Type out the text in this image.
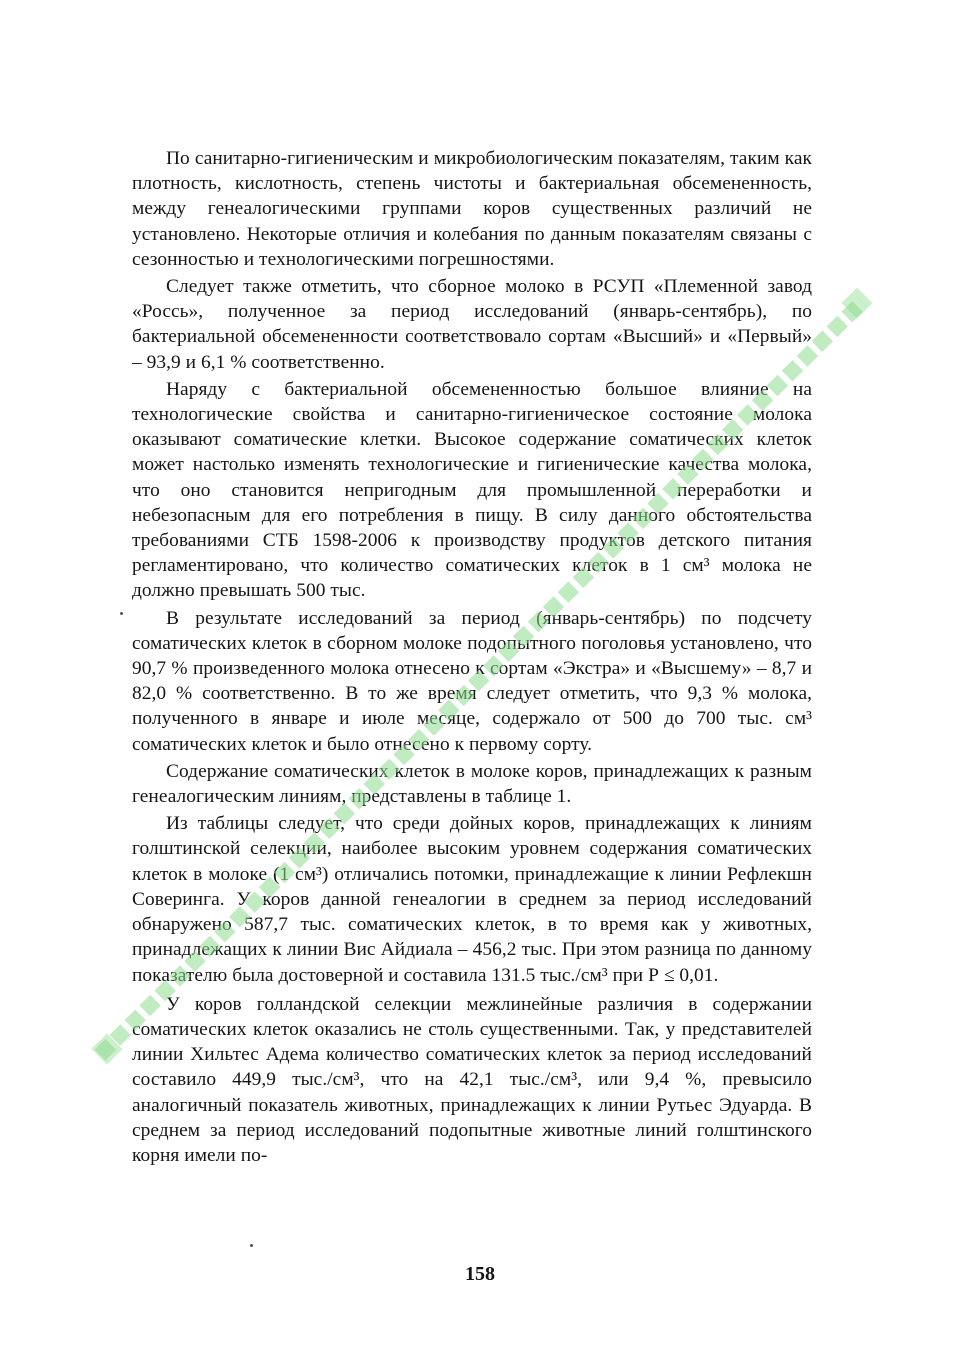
По санитарно-гигиеническим и микробиологическим показателям, таким как плотность, кислотность, степень чистоты и бактериальная обсемененность, между генеалогическими группами коров существенных различий не установлено. Некоторые отличия и колебания по данным показателям связаны с сезонностью и технологическими погрешностями.

Следует также отметить, что сборное молоко в РСУП «Племенной завод «Россь», полученное за период исследований (январь-сентябрь), по бактериальной обсемененности соответствовало сортам «Высший» и «Первый» – 93,9 и 6,1 % соответственно.

Наряду с бактериальной обсемененностью большое влияние на технологические свойства и санитарно-гигиеническое состояние молока оказывают соматические клетки. Высокое содержание соматических клеток может настолько изменять технологические и гигиенические качества молока, что оно становится непригодным для промышленной переработки и небезопасным для его потребления в пищу. В силу данного обстоятельства требованиями СТБ 1598-2006 к производству продуктов детского питания регламентировано, что количество соматических клеток в 1 см³ молока не должно превышать 500 тыс.

В результате исследований за период (январь-сентябрь) по подсчету соматических клеток в сборном молоке подопытного поголовья установлено, что 90,7 % произведенного молока отнесено к сортам «Экстра» и «Высшему» – 8,7 и 82,0 % соответственно. В то же время следует отметить, что 9,3 % молока, полученного в январе и июле месяце, содержало от 500 до 700 тыс. см³ соматических клеток и было отнесено к первому сорту.

Содержание соматических клеток в молоке коров, принадлежащих к разным генеалогическим линиям, представлены в таблице 1.

Из таблицы следует, что среди дойных коров, принадлежащих к линиям голштинской селекции, наиболее высоким уровнем содержания соматических клеток в молоке (1 см³) отличались потомки, принадлежащие к линии Рефлекшн Соверинга. У коров данной генеалогии в среднем за период исследований обнаружено 587,7 тыс. соматических клеток, в то время как у животных, принадлежащих к линии Вис Айдиала – 456,2 тыс. При этом разница по данному показателю была достоверной и составила 131.5 тыс./см³ при Р ≤ 0,01.

У коров голландской селекции межлинейные различия в содержании соматических клеток оказались не столь существенными. Так, у представителей линии Хильтес Адема количество соматических клеток за период исследований составило 449,9 тыс./см³, что на 42,1 тыс./см³, или 9,4 %, превысило аналогичный показатель животных, принадлежащих к линии Рутьес Эдуарда. В среднем за период исследований подопытные животные линий голштинского корня имели по-

158
